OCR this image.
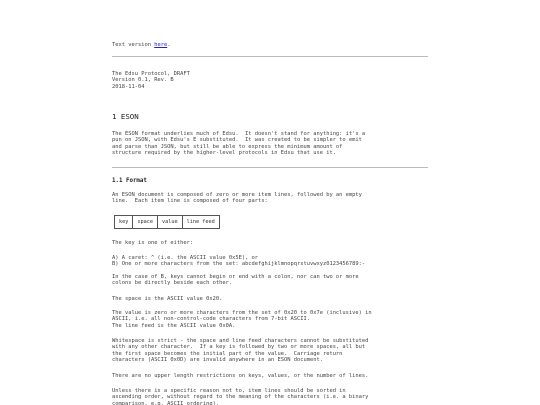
Text version here.

The Edsu Protocol, DRAFT

Version 0.1, Rev. B

2018-11-04

1 ESON

The ESON format underlies much of Edsu.  It doesn't stand for anything: it's a
pun on JSON, with Edsu's E substituted.  It was created to be simpler to emit
and parse than JSON, but still be able to express the minimum amount of
structure required by the higher-level protocols in Edsu that use it.

1.1 Format

An ESON document is composed of zero or more item lines, followed by an empty
line.  Each item line is composed of four parts:

key	space	value	line feed

The key is one of either:

A) A caret: ^ (i.e. the ASCII value 0x5E), or
B) One or more characters from the set: abcdefghijklmnopqrstuvwxyz0123456789:-

In the case of B, keys cannot begin or end with a colon, nor can two or more
colons be directly beside each other.

The space is the ASCII value 0x20.

The value is zero or more characters from the set of 0x20 to 0x7e (inclusive) in
ASCII, i.e. all non-control-code characters from 7-bit ASCII.
The line feed is the ASCII value 0x0A.

Whitespace is strict - the space and line feed characters cannot be substituted
with any other character.  If a key is followed by two or more spaces, all but
the first space becomes the initial part of the value.  Carriage return
characters (ASCII 0x0D) are invalid anywhere in an ESON document.

There are no upper length restrictions on keys, values, or the number of lines.

Unless there is a specific reason not to, item lines should be sorted in
ascending order, without regard to the meaning of the characters (i.e. a binary
comparison, e.g. ASCII ordering).
